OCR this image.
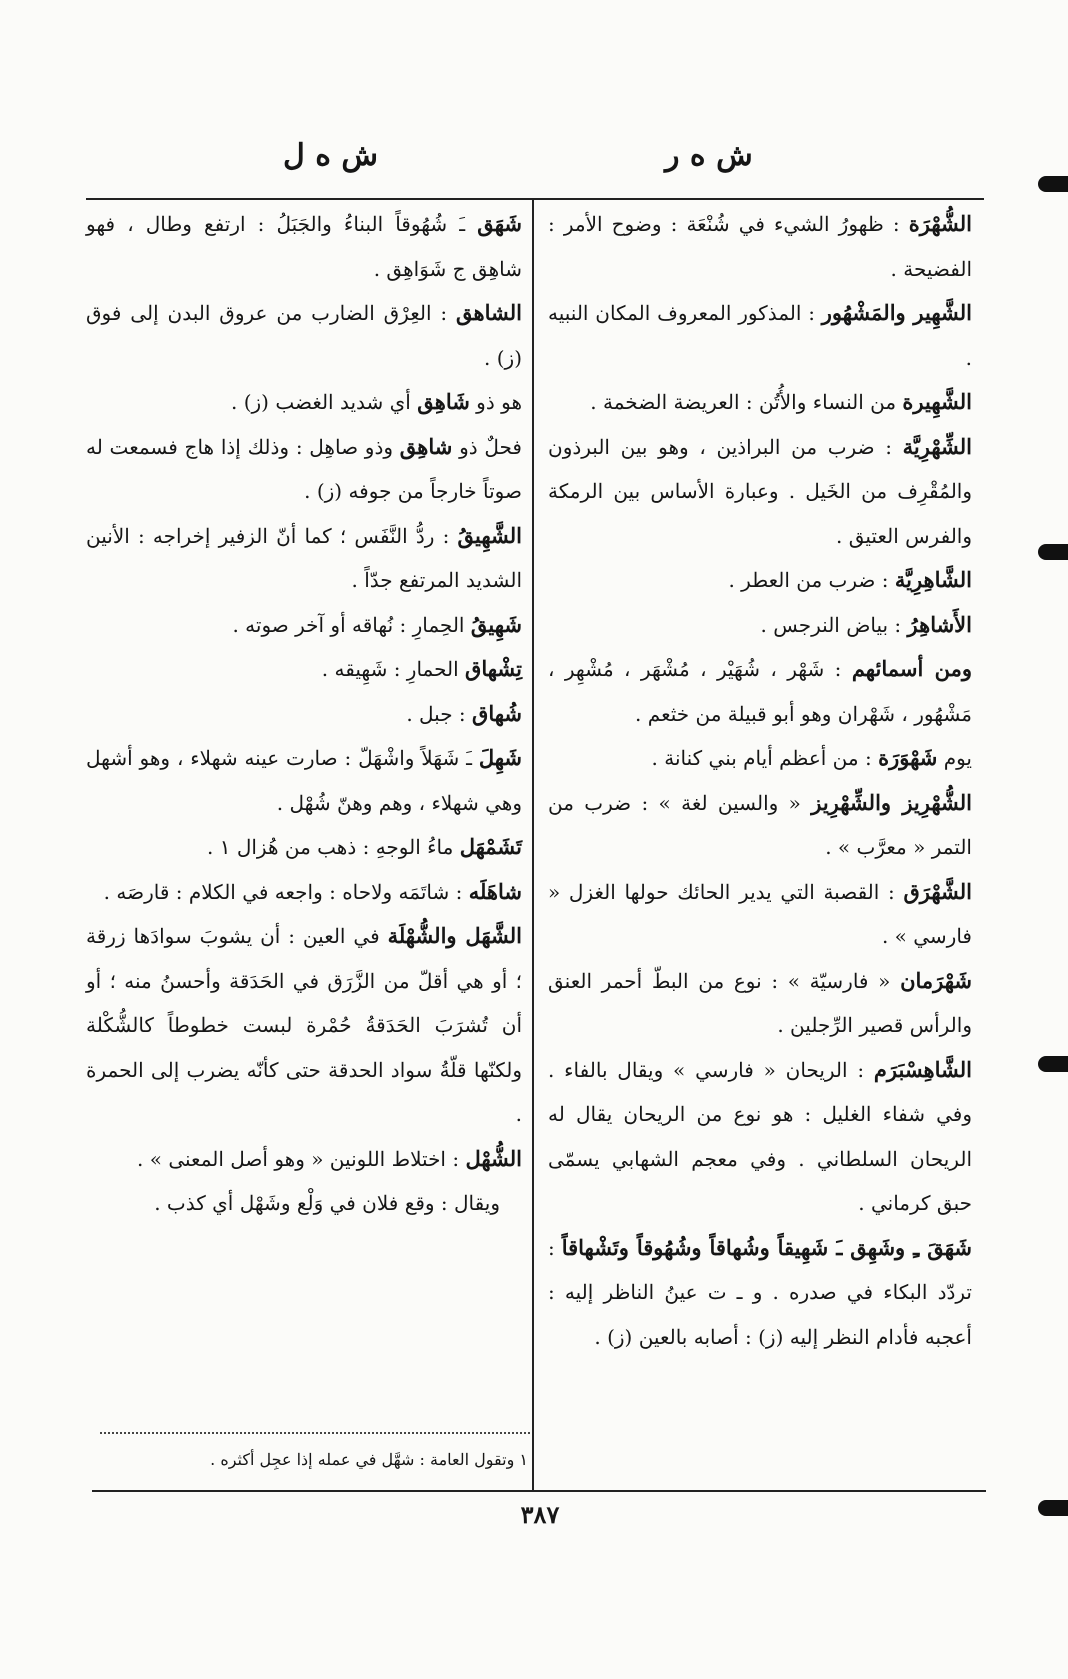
ش ه ر
ش ه ل

الشُّهْرَة : ظهورُ الشيء في شُنْعَة : وضوح الأمر : الفضيحة .

الشَّهِير والمَشْهُور : المذكور المعروف المكان النبيه .

الشَّهِيرة من النساء والأُتُن : العريضة الضخمة .

الشِّهْرِيَّة : ضرب من البراذين ، وهو بين البرذون والمُقْرِف من الخَيل . وعبارة الأساس بين الرمكة والفرس العتيق .

الشَّاهِرِيَّة : ضرب من العطر .

الأَشاهِرُ : بياض النرجس .

ومن أسمائهم : شَهْر ، شُهَيْر ، مُشْهَر ، مُشْهِر ، مَشْهُور ، شَهْران وهو أبو قبيلة من خثعم .

يوم شَهْوَرَة : من أعظم أيام بني كنانة .

الشُّهْرِيز والشِّهْرِيز « والسين لغة » : ضرب من التمر « معرَّب » .

الشَّهْرَق : القصبة التي يدير الحائك حولها الغزل « فارسي » .

شَهْرَمان « فارسيّة » : نوع من البطّ أحمر العنق والرأس قصير الرِّجلين .

الشَّاهِسْبَرَم : الريحان « فارسي » ويقال بالفاء . وفي شفاء الغليل : هو نوع من الريحان يقال له الريحان السلطاني . وفي معجم الشهابي يسمّى حبق كرماني .

شَهَقَ ـِ وشَهِق ـَ شَهِيقاً وشُهاقاً وشُهُوقاً وتَشْهاقاً : تردّد البكاء في صدره . و ـ ت عينُ الناظر إليه : أعجبه فأدام النظر إليه (ز) : أصابه بالعين (ز) .

شَهَق ـَ شُهُوقاً البناءُ والجَبَلُ : ارتفع وطال ، فهو شاهِق ج شَوَاهِق .

الشاهق : العِرْق الضارب من عروق البدن إلى فوق (ز) .

هو ذو شَاهِق أي شديد الغضب (ز) .

فحلٌ ذو شاهِق وذو صاهِل : وذلك إذا هاج فسمعت له صوتاً خارجاً من جوفه (ز) .

الشَّهِيقُ : ردُّ النَّفَس ؛ كما أنّ الزفير إخراجه : الأنين الشديد المرتفع جدّاً .

شَهِيقُ الحِمارِ : نُهاقه أو آخر صوته .

تِشْهاق الحمارِ : شَهِيقه .

شُهاق : جبل .

شَهِلَ ـَ شَهَلاً واشْهَلّ : صارت عينه شهلاء ، وهو أشهل وهي شهلاء ، وهم وهنّ شُهْل .

تَشَمْهَل ماءُ الوجهِ : ذهب من هُزال ١ .

شاهَلَه : شاتَمَه ولاحاه : واجعه في الكلام : قارصَه .

الشَّهَل والشُّهْلَة في العين : أن يشوبَ سوادَها زرقة ؛ أو هي أقلّ من الزَّرَق في الحَدَقة وأحسنُ منه ؛ أو أن تُشرَبَ الحَدَقةُ حُمْرة لبست خطوطاً كالشُّكْلة ولكنّها قلّةُ سواد الحدقة حتى كأنّه يضرب إلى الحمرة .

الشُّهْل : اختلاط اللونين « وهو أصل المعنى » .

ويقال : وقع فلان في وَلْع وشَهْل أي كذب .

١ وتقول العامة : شهَّل في عمله إذا عجِل أكثره .
٣٨٧
